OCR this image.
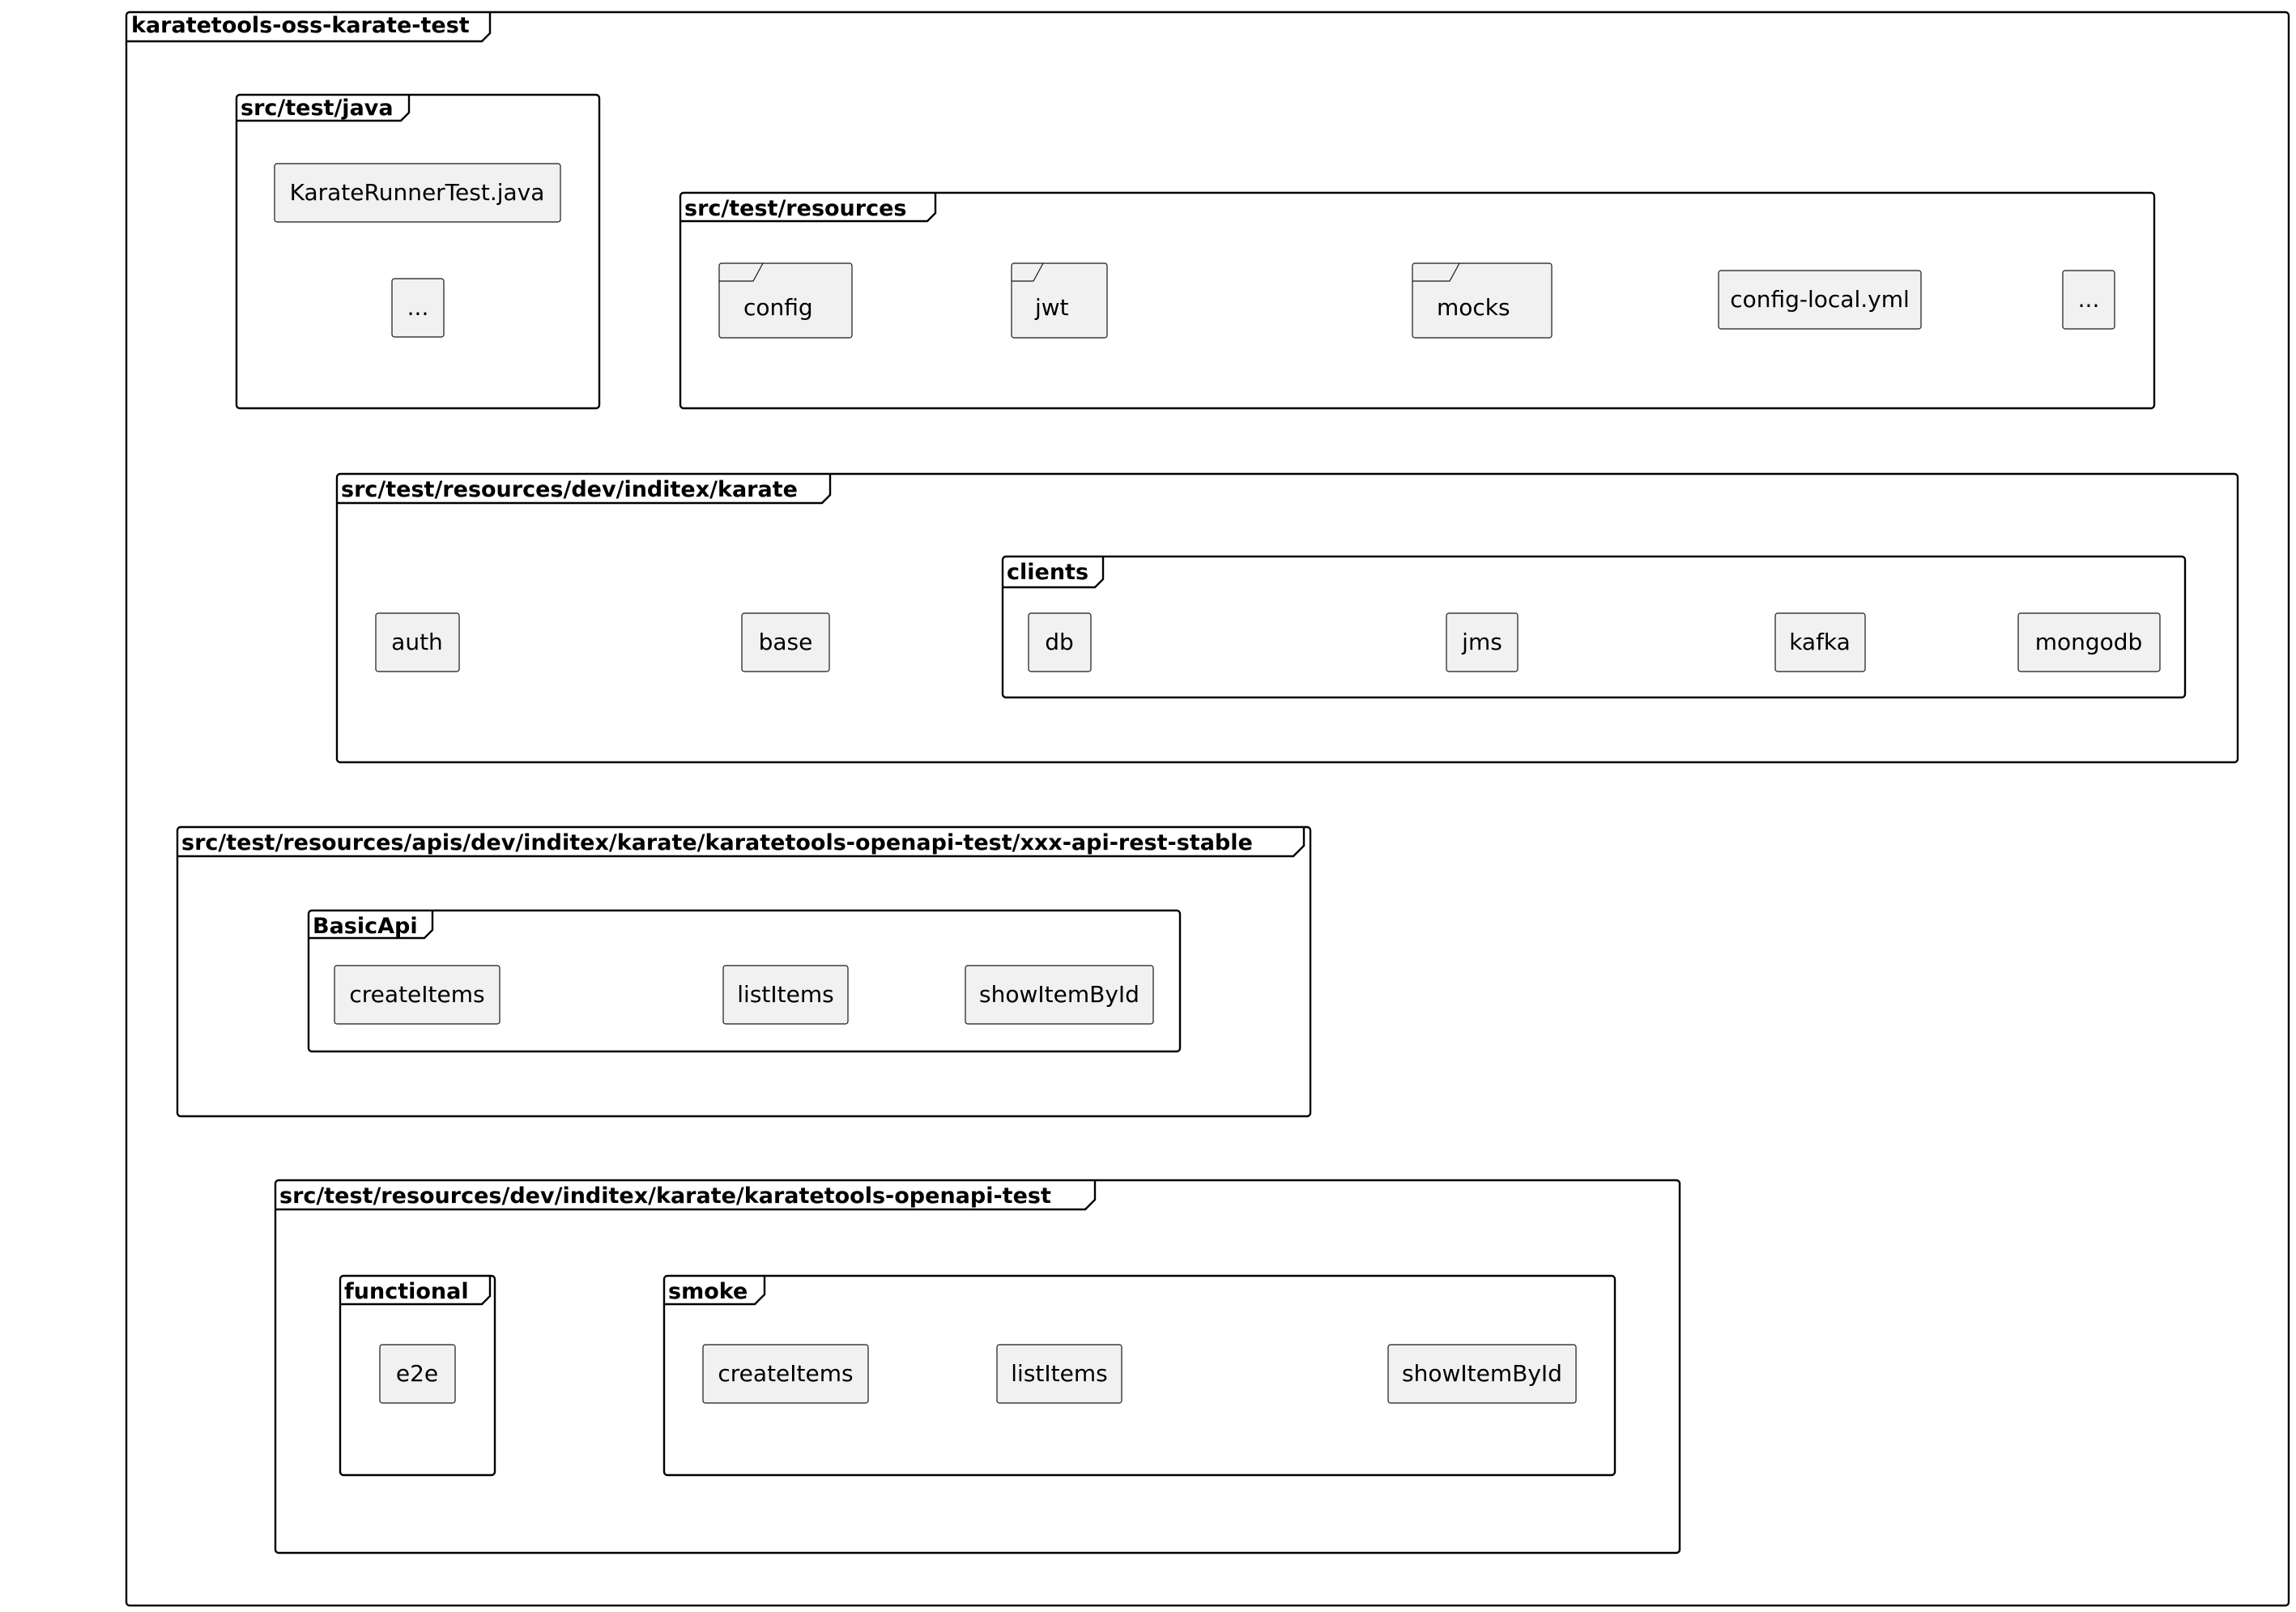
karatetools-oss-karate-test
src/test/java
KarateRunnerTest.java
...
src/test/resources
config	jwt	mocks	config-local.yml	...
src/test/resources/dev/inditex/karate
auth	base
clients
db	jms	kafka	mongodb
src/test/resources/apis/dev/inditex/karate/karatetools-openapi-test/xxx-api-rest-stable
BasicApi
createItems	listItems	showItemById
src/test/resources/dev/inditex/karate/karatetools-openapi-test
functional
e2e
smoke
createItems	listItems	showItemById
